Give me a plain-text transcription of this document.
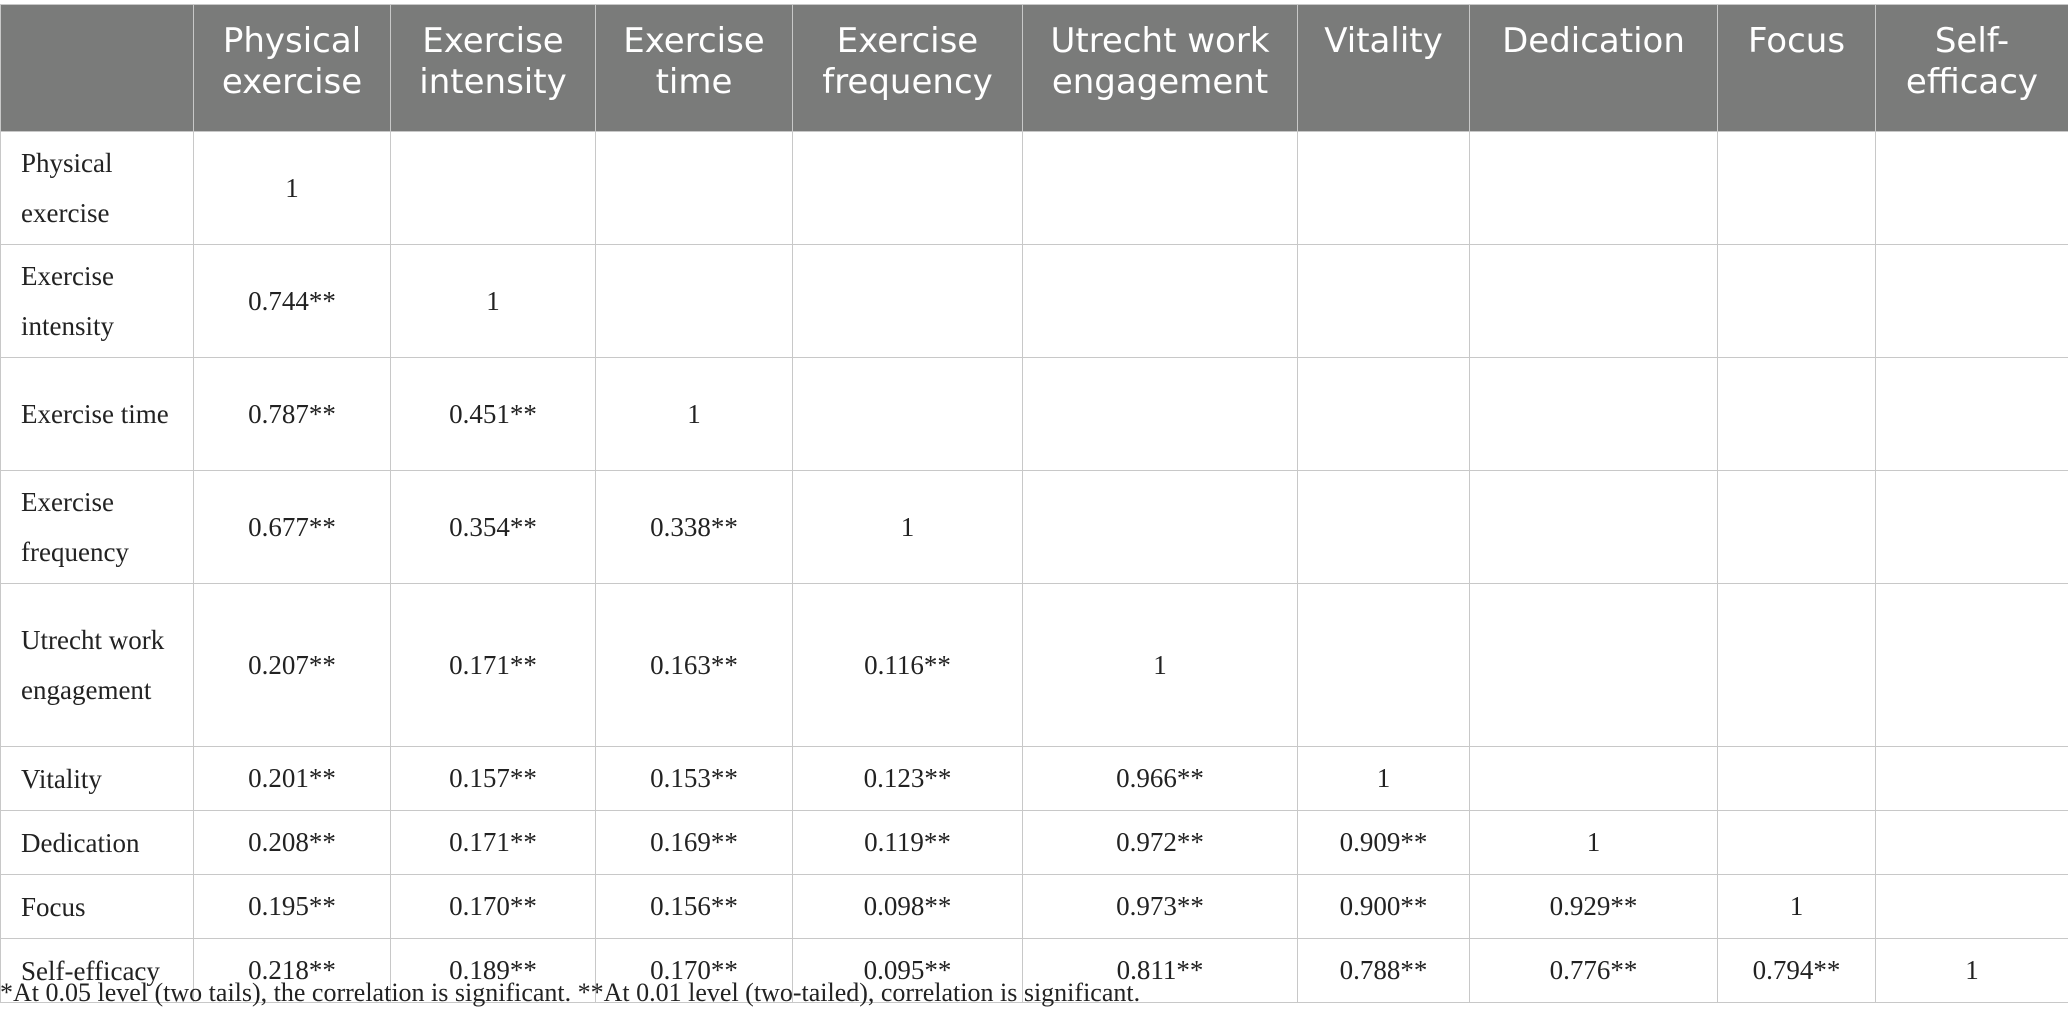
	Physical exercise	Exercise intensity	Exercise time	Exercise frequency	Utrecht work engagement	Vitality	Dedication	Focus	Self-efficacy
Physical exercise	1								
Exercise intensity	0.744**	1							
Exercise time	0.787**	0.451**	1						
Exercise frequency	0.677**	0.354**	0.338**	1					
Utrecht work engagement	0.207**	0.171**	0.163**	0.116**	1				
Vitality	0.201**	0.157**	0.153**	0.123**	0.966**	1			
Dedication	0.208**	0.171**	0.169**	0.119**	0.972**	0.909**	1		
Focus	0.195**	0.170**	0.156**	0.098**	0.973**	0.900**	0.929**	1	
Self-efficacy	0.218**	0.189**	0.170**	0.095**	0.811**	0.788**	0.776**	0.794**	1
*At 0.05 level (two tails), the correlation is significant. **At 0.01 level (two-tailed), correlation is significant.
